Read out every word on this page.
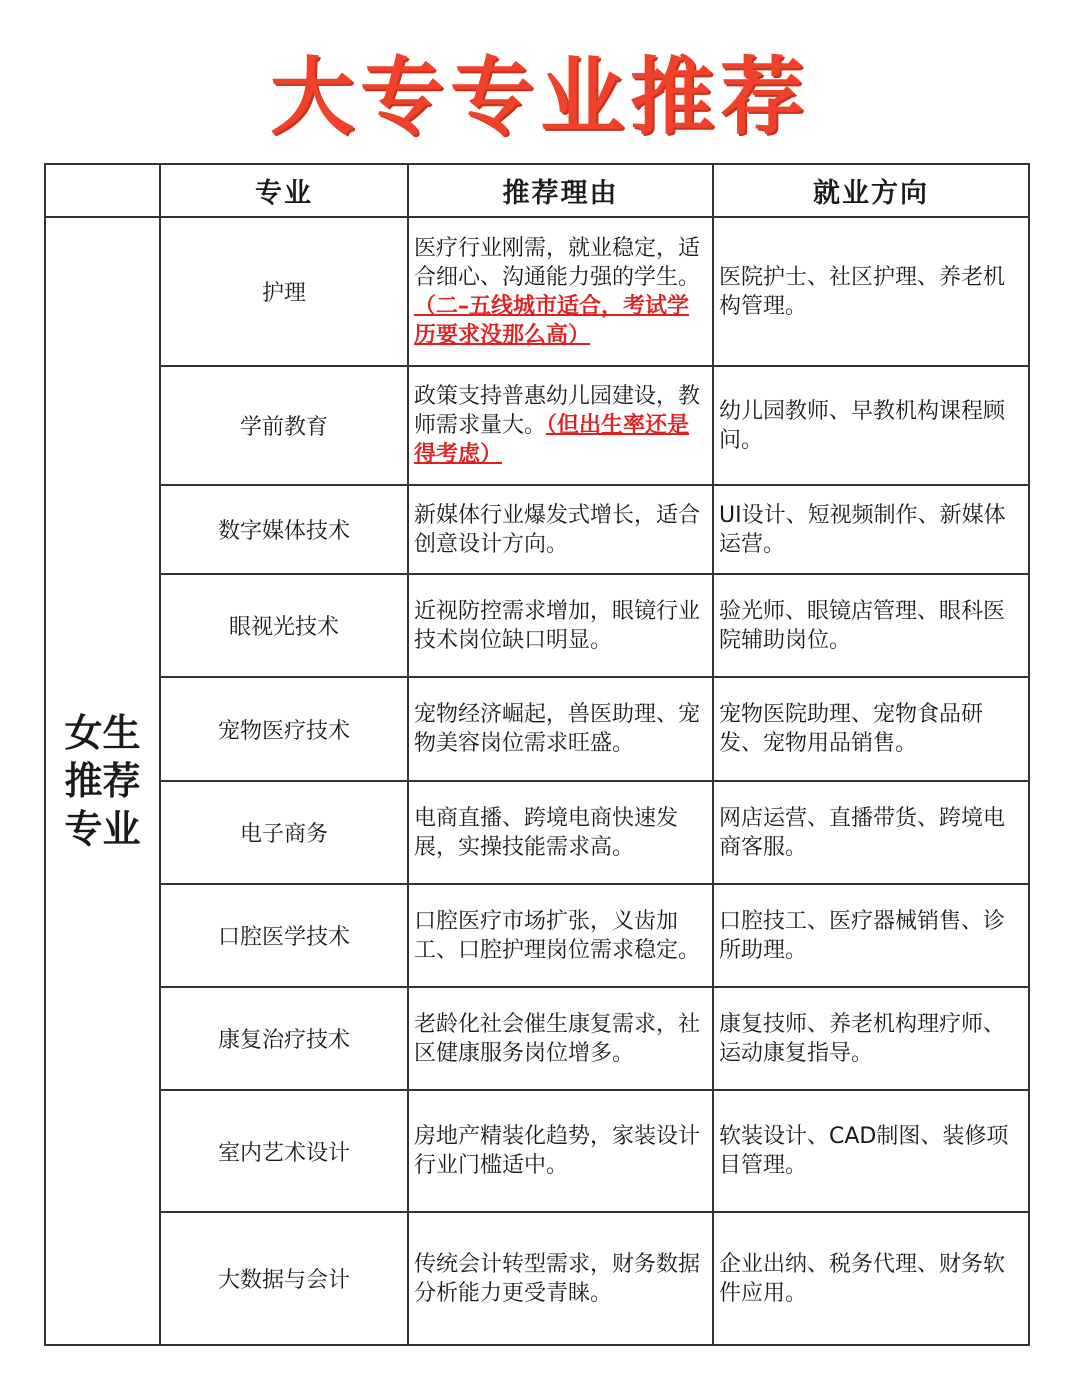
大专专业推荐
	专业	推荐理由	就业方向
女生推荐专业	护理	医疗行业刚需，就业稳定，适合细心、沟通能力强的学生。（二–五线城市适合，考试学历要求没那么高）	医院护士、社区护理、养老机构管理。
	学前教育	政策支持普惠幼儿园建设，教师需求量大。（但出生率还是得考虑）	幼儿园教师、早教机构课程顾问。
	数字媒体技术	新媒体行业爆发式增长，适合创意设计方向。	UI设计、短视频制作、新媒体运营。
	眼视光技术	近视防控需求增加，眼镜行业技术岗位缺口明显。	验光师、眼镜店管理、眼科医院辅助岗位。
	宠物医疗技术	宠物经济崛起，兽医助理、宠物美容岗位需求旺盛。	宠物医院助理、宠物食品研发、宠物用品销售。
	电子商务	电商直播、跨境电商快速发展，实操技能需求高。	网店运营、直播带货、跨境电商客服。
	口腔医学技术	口腔医疗市场扩张，义齿加工、口腔护理岗位需求稳定。	口腔技工、医疗器械销售、诊所助理。
	康复治疗技术	老龄化社会催生康复需求，社区健康服务岗位增多。	康复技师、养老机构理疗师、运动康复指导。
	室内艺术设计	房地产精装化趋势，家装设计行业门槛适中。	软装设计、CAD制图、装修项目管理。
	大数据与会计	传统会计转型需求，财务数据分析能力更受青睐。	企业出纳、税务代理、财务软件应用。
